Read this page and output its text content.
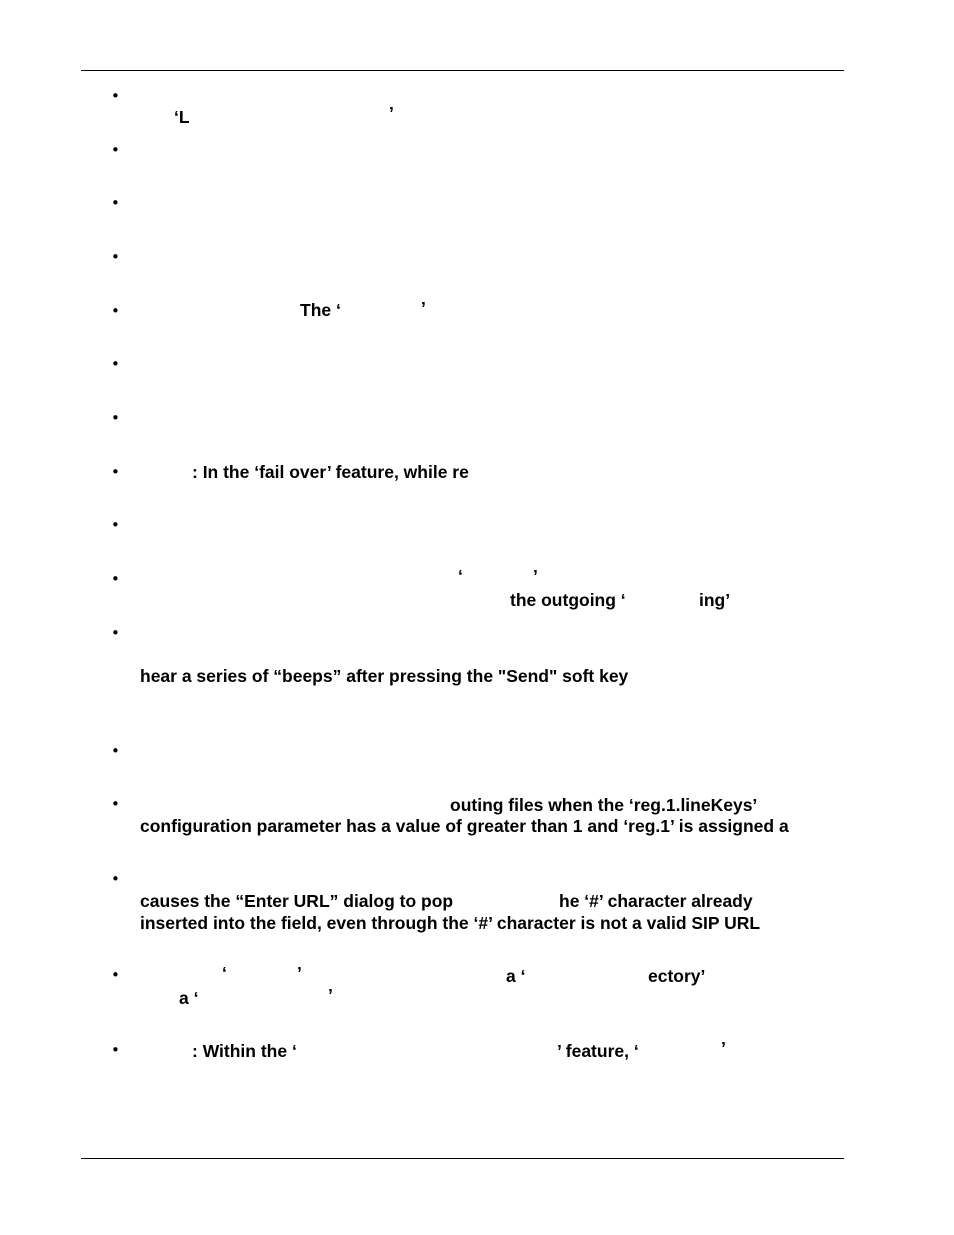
•
•
•
•
•
•
•
•
•
•
•
•
•
•
•
•
‘L	’
The ‘	’
: In the ‘fail over’ feature, while re
‘	’
the outgoing ‘	ing’
hear a series of “beeps” after pressing the "Send" soft key
outing files when the ‘reg.1.lineKeys’
configuration parameter has a value of greater than 1 and ‘reg.1’ is assigned a
causes the “Enter URL” dialog to pop	he ‘#’ character already
inserted into the field, even through the ‘#’ character is not a valid SIP URL
‘	’	a ‘	ectory’
a ‘	’
: Within the ‘	’ feature, ‘	’
